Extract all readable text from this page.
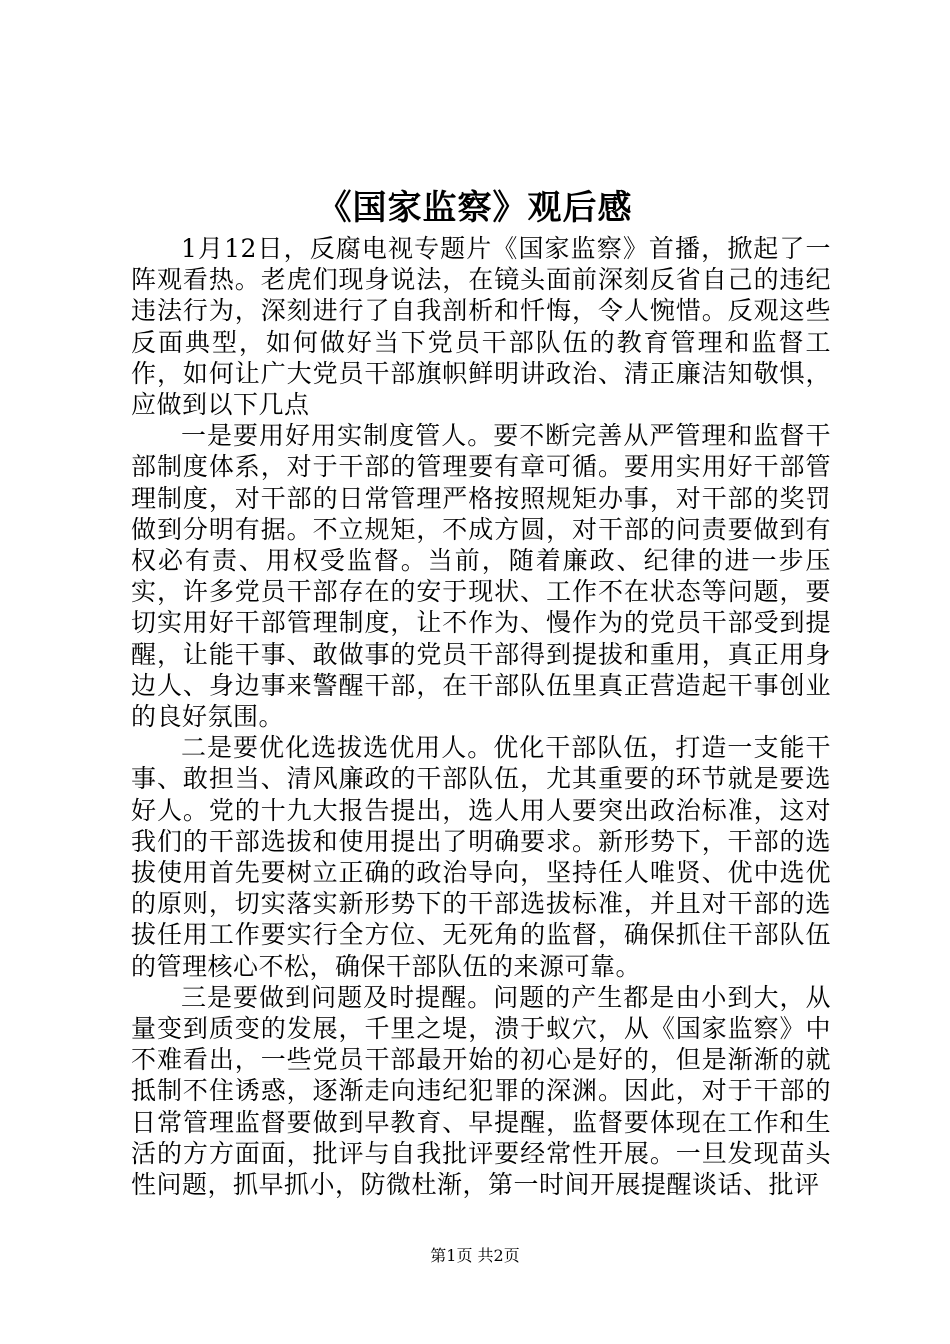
《国家监察》观后感

1月12日，反腐电视专题片《国家监察》首播，掀起了一阵观看热。老虎们现身说法，在镜头面前深刻反省自己的违纪违法行为，深刻进行了自我剖析和忏悔，令人惋惜。反观这些反面典型，如何做好当下党员干部队伍的教育管理和监督工作，如何让广大党员干部旗帜鲜明讲政治、清正廉洁知敬惧，应做到以下几点

一是要用好用实制度管人。要不断完善从严管理和监督干部制度体系，对于干部的管理要有章可循。要用实用好干部管理制度，对干部的日常管理严格按照规矩办事，对干部的奖罚做到分明有据。不立规矩，不成方圆，对干部的问责要做到有权必有责、用权受监督。当前，随着廉政、纪律的进一步压实，许多党员干部存在的安于现状、工作不在状态等问题，要切实用好干部管理制度，让不作为、慢作为的党员干部受到提醒，让能干事、敢做事的党员干部得到提拔和重用，真正用身边人、身边事来警醒干部，在干部队伍里真正营造起干事创业的良好氛围。

二是要优化选拔选优用人。优化干部队伍，打造一支能干事、敢担当、清风廉政的干部队伍，尤其重要的环节就是要选好人。党的十九大报告提出，选人用人要突出政治标准，这对我们的干部选拔和使用提出了明确要求。新形势下，干部的选拔使用首先要树立正确的政治导向，坚持任人唯贤、优中选优的原则，切实落实新形势下的干部选拔标准，并且对干部的选拔任用工作要实行全方位、无死角的监督，确保抓住干部队伍的管理核心不松，确保干部队伍的来源可靠。

三是要做到问题及时提醒。问题的产生都是由小到大，从量变到质变的发展，千里之堤，溃于蚁穴，从《国家监察》中不难看出，一些党员干部最开始的初心是好的，但是渐渐的就抵制不住诱惑，逐渐走向违纪犯罪的深渊。因此，对于干部的日常管理监督要做到早教育、早提醒，监督要体现在工作和生活的方方面面，批评与自我批评要经常性开展。一旦发现苗头性问题，抓早抓小，防微杜渐，第一时间开展提醒谈话、批评

第1页 共2页
